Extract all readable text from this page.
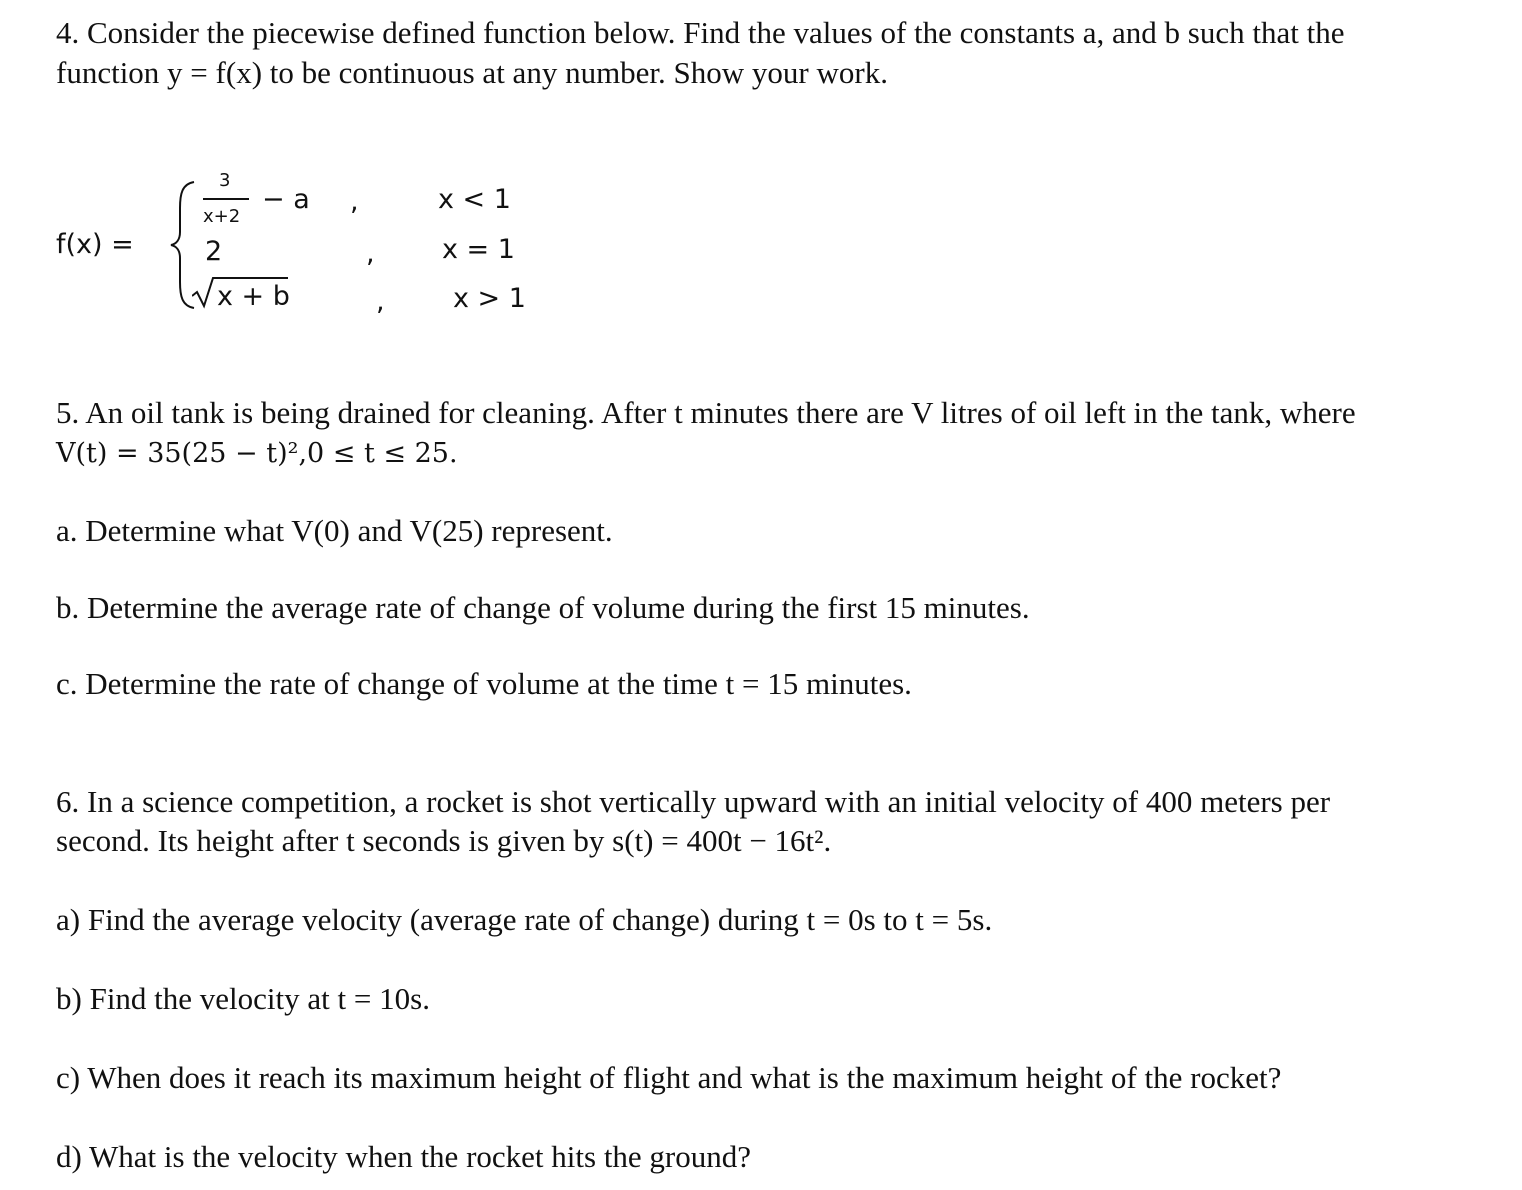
4. Consider the piecewise defined function below. Find the values of the constants a, and b such that the
function y = f(x) to be continuous at any number. Show your work.
f(x) =
3
x+2
− a
2
x + b
,
,
,
x < 1
x = 1
x > 1
5. An oil tank is being drained for cleaning. After t minutes there are V litres of oil left in the tank, where
V(t) = 35(25 − t)²,0 ≤ t ≤ 25.
a. Determine what V(0) and V(25) represent.
b. Determine the average rate of change of volume during the first 15 minutes.
c. Determine the rate of change of volume at the time t = 15 minutes.
6. In a science competition, a rocket is shot vertically upward with an initial velocity of 400 meters per
second. Its height after t seconds is given by s(t) = 400t − 16t².
a) Find the average velocity (average rate of change) during t = 0s to t = 5s.
b) Find the velocity at t = 10s.
c) When does it reach its maximum height of flight and what is the maximum height of the rocket?
d) What is the velocity when the rocket hits the ground?
